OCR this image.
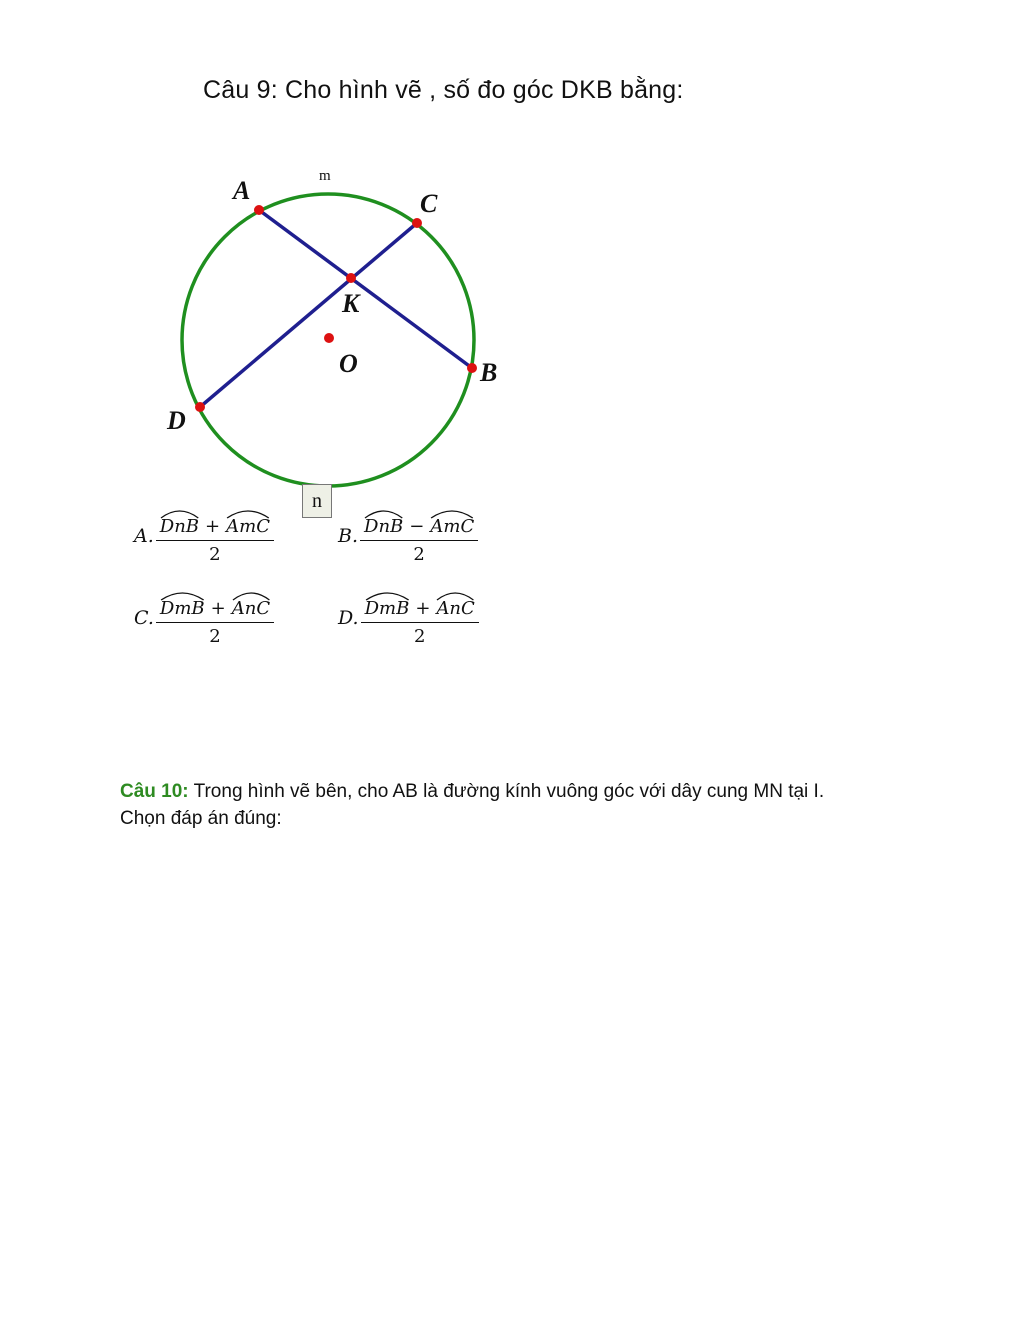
Câu 9: Cho hình vẽ , số đo góc DKB bằng:
A	C
K
O	B
D
m
n
A. $\frac{\text{DnB + AmC}}{2}$	B. $\frac{\text{DnB − AmC}}{2}$
C. $\frac{\text{DmB + AnC}}{2}$	D. $\frac{\text{DmB + AnC}}{2}$
Câu 10: Trong hình vẽ bên, cho AB là đường kính vuông góc với dây cung MN tại I.
Chọn đáp án đúng:
